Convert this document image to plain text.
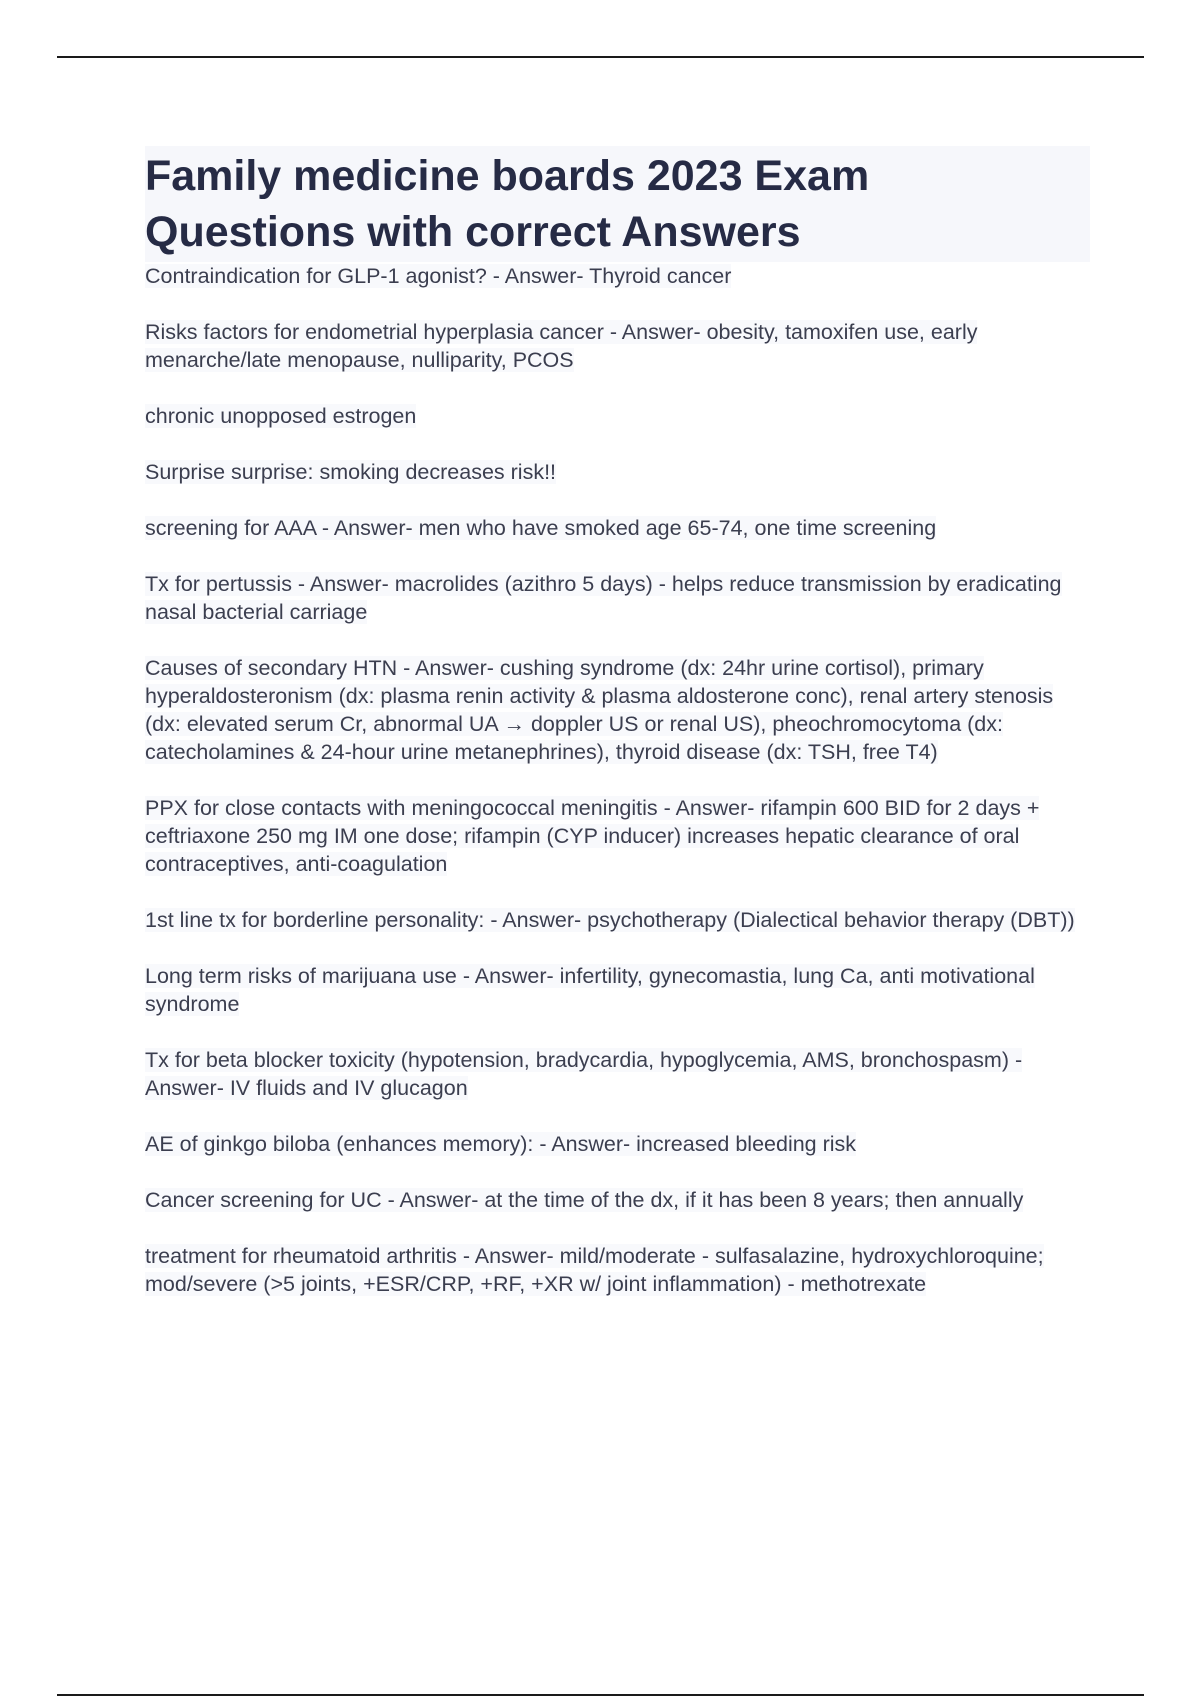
Family medicine boards 2023 Exam Questions with correct Answers
Contraindication for GLP-1 agonist? - Answer- Thyroid cancer
Risks factors for endometrial hyperplasia cancer - Answer- obesity, tamoxifen use, early menarche/late menopause, nulliparity, PCOS
chronic unopposed estrogen
Surprise surprise: smoking decreases risk!!
screening for AAA - Answer- men who have smoked age 65-74, one time screening
Tx for pertussis - Answer- macrolides (azithro 5 days) - helps reduce transmission by eradicating nasal bacterial carriage
Causes of secondary HTN - Answer- cushing syndrome (dx: 24hr urine cortisol), primary hyperaldosteronism (dx: plasma renin activity & plasma aldosterone conc), renal artery stenosis (dx: elevated serum Cr, abnormal UA → doppler US or renal US), pheochromocytoma (dx: catecholamines & 24-hour urine metanephrines), thyroid disease (dx: TSH, free T4)
PPX for close contacts with meningococcal meningitis - Answer- rifampin 600 BID for 2 days + ceftriaxone 250 mg IM one dose; rifampin (CYP inducer) increases hepatic clearance of oral contraceptives, anti-coagulation
1st line tx for borderline personality: - Answer- psychotherapy (Dialectical behavior therapy (DBT))
Long term risks of marijuana use - Answer- infertility, gynecomastia, lung Ca, anti motivational syndrome
Tx for beta blocker toxicity (hypotension, bradycardia, hypoglycemia, AMS, bronchospasm) - Answer- IV fluids and IV glucagon
AE of ginkgo biloba (enhances memory): - Answer- increased bleeding risk
Cancer screening for UC - Answer- at the time of the dx, if it has been 8 years; then annually
treatment for rheumatoid arthritis - Answer- mild/moderate - sulfasalazine, hydroxychloroquine; mod/severe (>5 joints, +ESR/CRP, +RF, +XR w/ joint inflammation) - methotrexate
